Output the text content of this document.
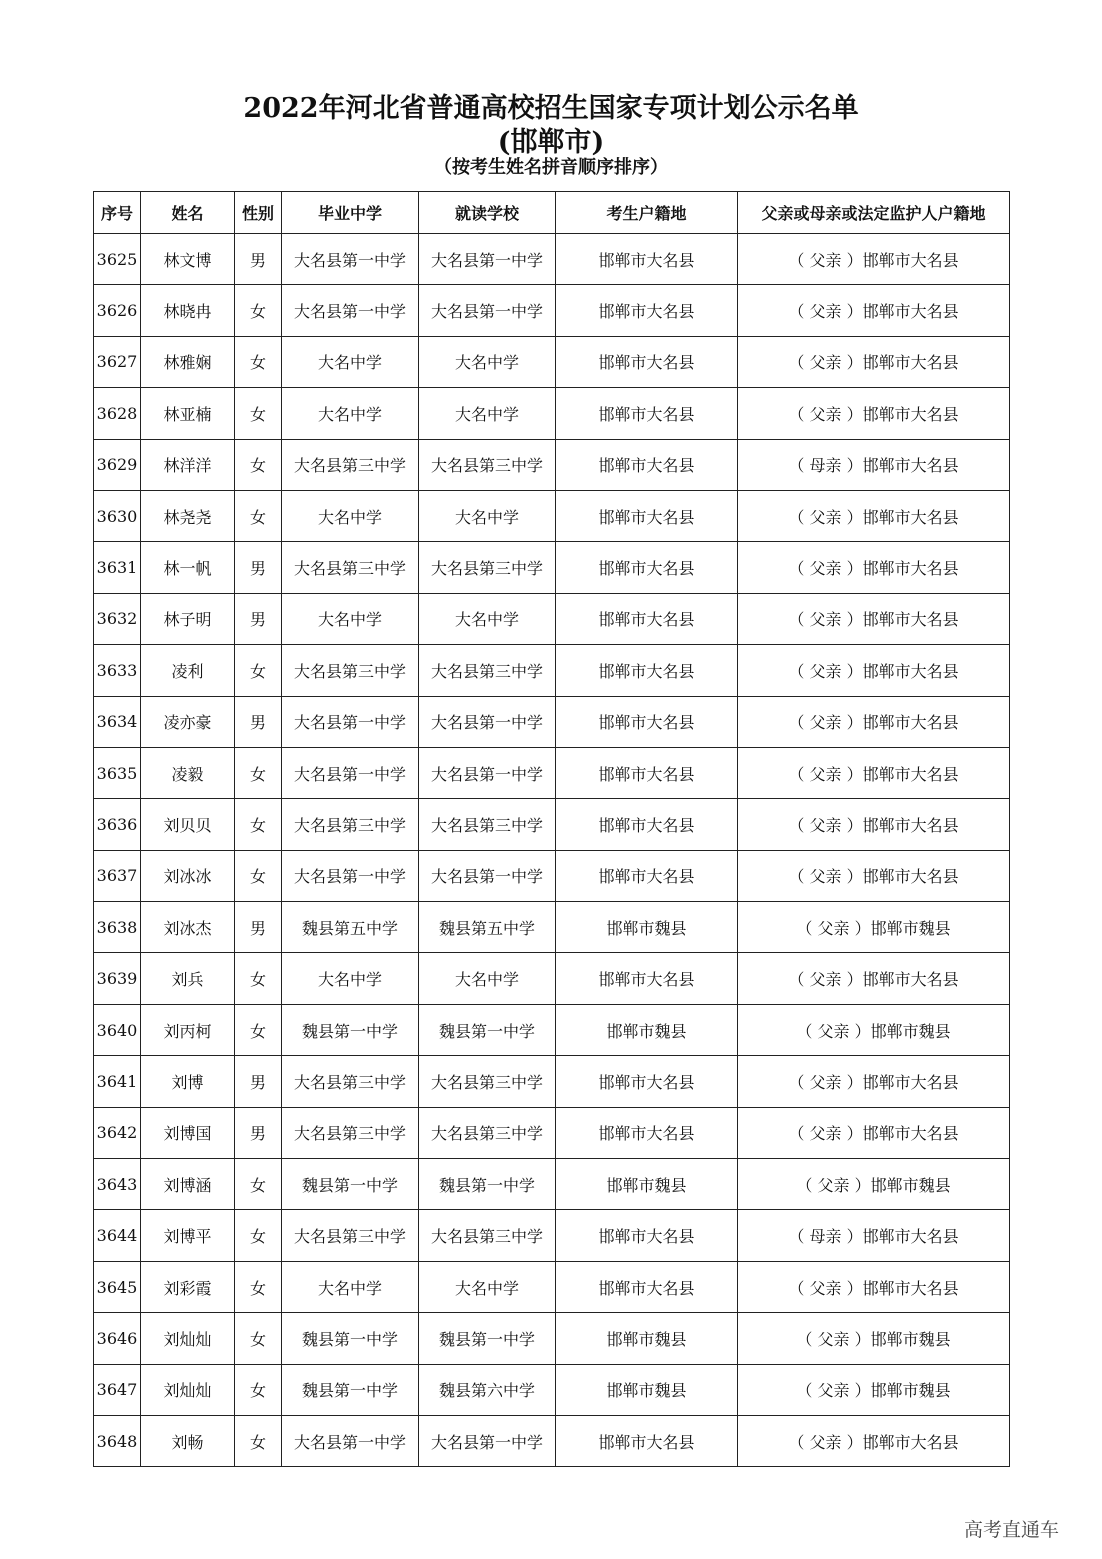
2022年河北省普通高校招生国家专项计划公示名单
(邯郸市)
（按考生姓名拼音顺序排序）
序号	姓名	性别	毕业中学	就读学校	考生户籍地	父亲或母亲或法定监护人户籍地
3625	林文博	男	大名县第一中学	大名县第一中学	邯郸市大名县	（ 父亲 ）邯郸市大名县
3626	林晓冉	女	大名县第一中学	大名县第一中学	邯郸市大名县	（ 父亲 ）邯郸市大名县
3627	林雅娴	女	大名中学	大名中学	邯郸市大名县	（ 父亲 ）邯郸市大名县
3628	林亚楠	女	大名中学	大名中学	邯郸市大名县	（ 父亲 ）邯郸市大名县
3629	林洋洋	女	大名县第三中学	大名县第三中学	邯郸市大名县	（ 母亲 ）邯郸市大名县
3630	林尧尧	女	大名中学	大名中学	邯郸市大名县	（ 父亲 ）邯郸市大名县
3631	林一帆	男	大名县第三中学	大名县第三中学	邯郸市大名县	（ 父亲 ）邯郸市大名县
3632	林子明	男	大名中学	大名中学	邯郸市大名县	（ 父亲 ）邯郸市大名县
3633	凌利	女	大名县第三中学	大名县第三中学	邯郸市大名县	（ 父亲 ）邯郸市大名县
3634	凌亦豪	男	大名县第一中学	大名县第一中学	邯郸市大名县	（ 父亲 ）邯郸市大名县
3635	凌毅	女	大名县第一中学	大名县第一中学	邯郸市大名县	（ 父亲 ）邯郸市大名县
3636	刘贝贝	女	大名县第三中学	大名县第三中学	邯郸市大名县	（ 父亲 ）邯郸市大名县
3637	刘冰冰	女	大名县第一中学	大名县第一中学	邯郸市大名县	（ 父亲 ）邯郸市大名县
3638	刘冰杰	男	魏县第五中学	魏县第五中学	邯郸市魏县	（ 父亲 ）邯郸市魏县
3639	刘兵	女	大名中学	大名中学	邯郸市大名县	（ 父亲 ）邯郸市大名县
3640	刘丙柯	女	魏县第一中学	魏县第一中学	邯郸市魏县	（ 父亲 ）邯郸市魏县
3641	刘博	男	大名县第三中学	大名县第三中学	邯郸市大名县	（ 父亲 ）邯郸市大名县
3642	刘博国	男	大名县第三中学	大名县第三中学	邯郸市大名县	（ 父亲 ）邯郸市大名县
3643	刘博涵	女	魏县第一中学	魏县第一中学	邯郸市魏县	（ 父亲 ）邯郸市魏县
3644	刘博平	女	大名县第三中学	大名县第三中学	邯郸市大名县	（ 母亲 ）邯郸市大名县
3645	刘彩霞	女	大名中学	大名中学	邯郸市大名县	（ 父亲 ）邯郸市大名县
3646	刘灿灿	女	魏县第一中学	魏县第一中学	邯郸市魏县	（ 父亲 ）邯郸市魏县
3647	刘灿灿	女	魏县第一中学	魏县第六中学	邯郸市魏县	（ 父亲 ）邯郸市魏县
3648	刘畅	女	大名县第一中学	大名县第一中学	邯郸市大名县	（ 父亲 ）邯郸市大名县
高考直通车
